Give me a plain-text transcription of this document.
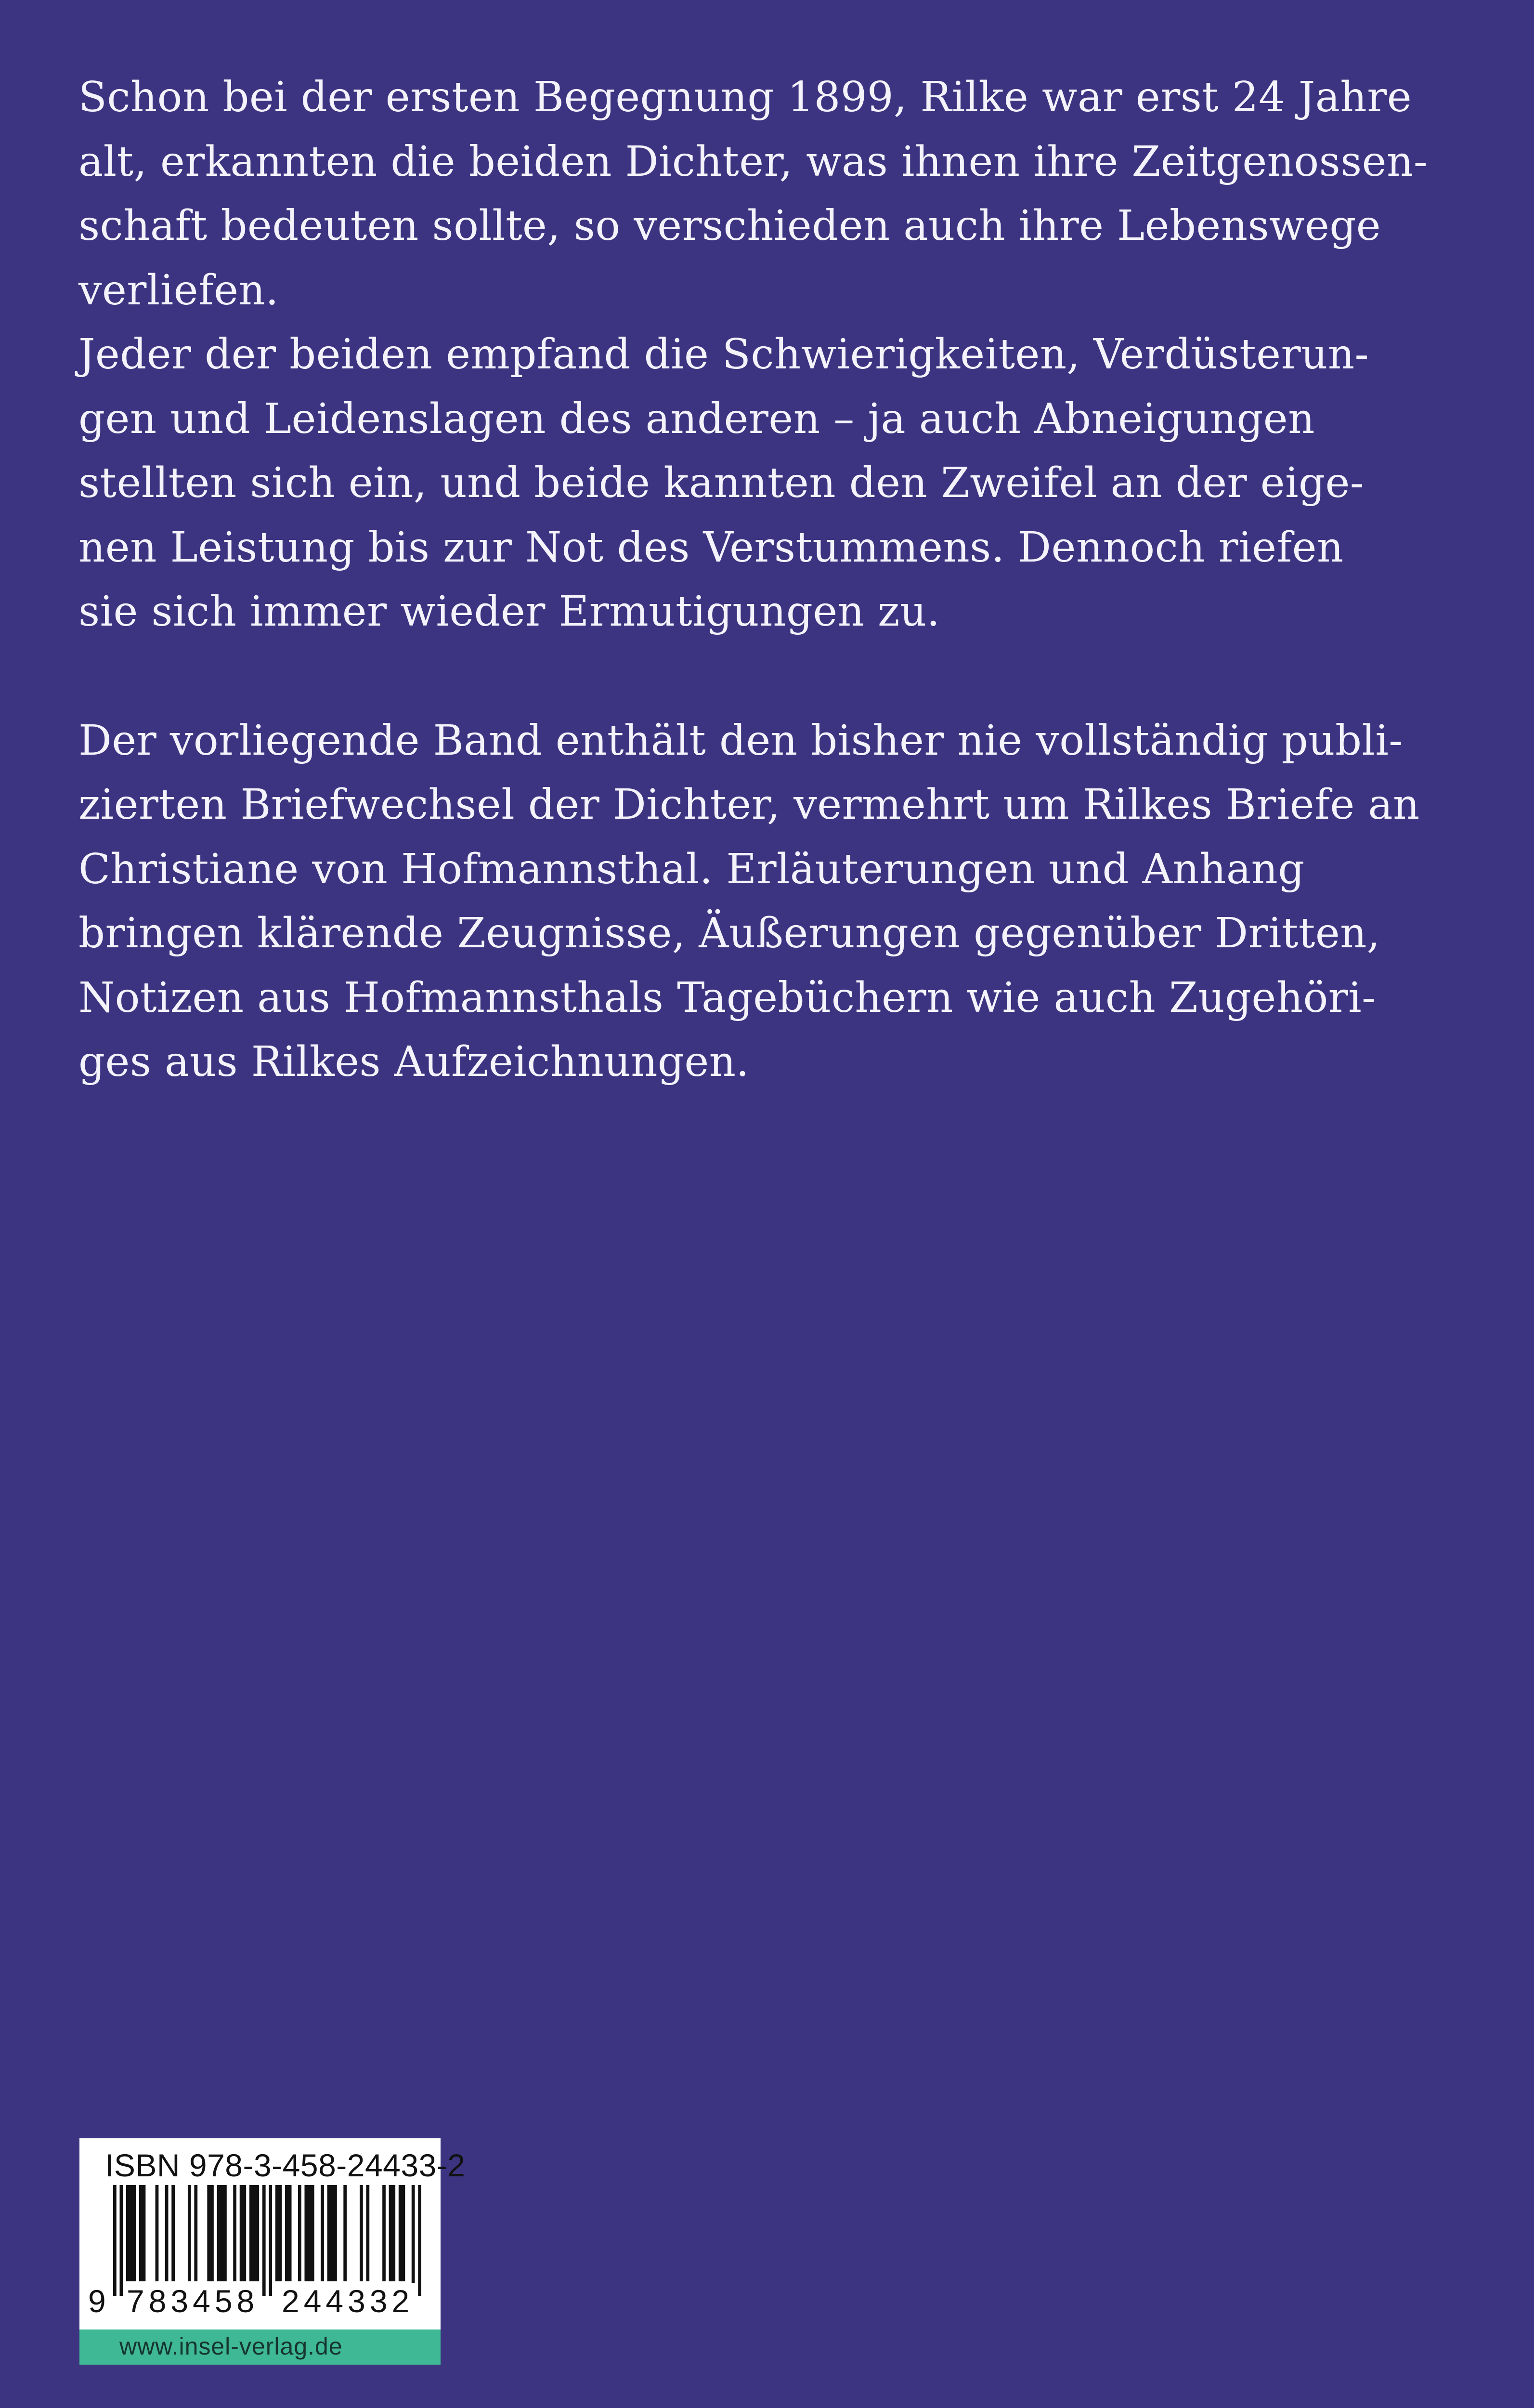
Schon bei der ersten Begegnung 1899, Rilke war erst 24 Jahre
alt, erkannten die beiden Dichter, was ihnen ihre Zeitgenossen-
schaft bedeuten sollte, so verschieden auch ihre Lebenswege
verliefen.
Jeder der beiden empfand die Schwierigkeiten, Verdüsterun-
gen und Leidenslagen des anderen – ja auch Abneigungen
stellten sich ein, und beide kannten den Zweifel an der eige-
nen Leistung bis zur Not des Verstummens. Dennoch riefen
sie sich immer wieder Ermutigungen zu.
Der vorliegende Band enthält den bisher nie vollständig publi-
zierten Briefwechsel der Dichter, vermehrt um Rilkes Briefe an
Christiane von Hofmannsthal. Erläuterungen und Anhang
bringen klärende Zeugnisse, Äußerungen gegenüber Dritten,
Notizen aus Hofmannsthals Tagebüchern wie auch Zugehöri-
ges aus Rilkes Aufzeichnungen.
ISBN 978-3-458-24433-2
9 783458 244332
www.insel-verlag.de
